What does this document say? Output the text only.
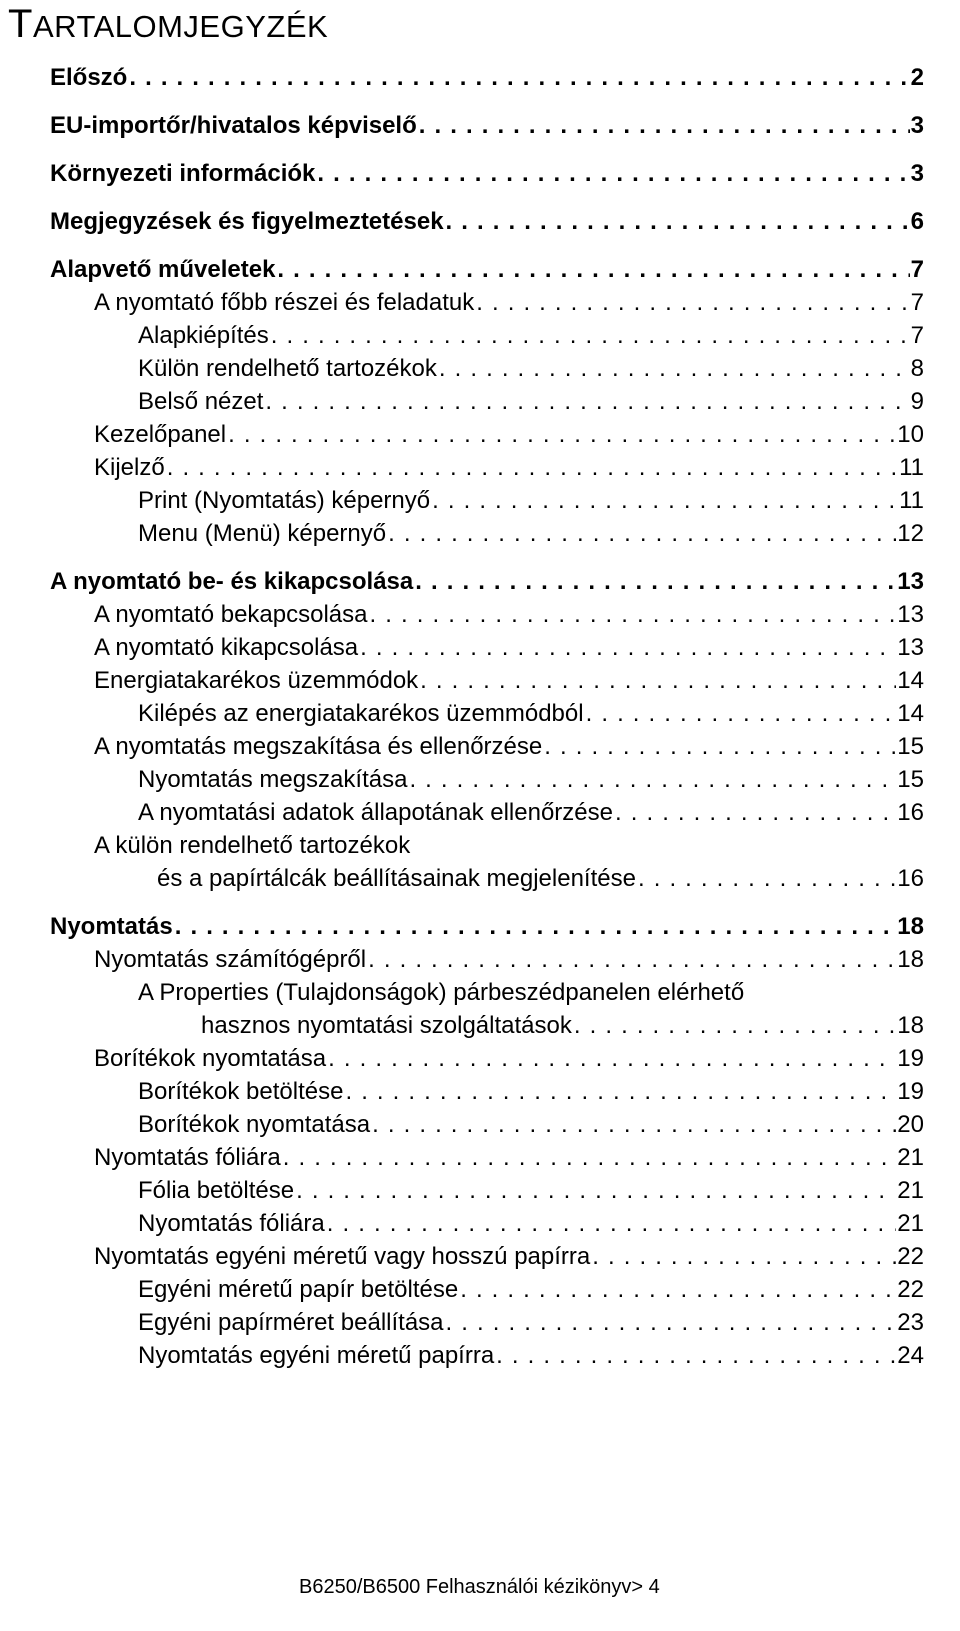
TARTALOMJEGYZÉK
Előszó . . .	2
EU-importőr/hivatalos képviselő . . .	3
Környezeti információk . . .	3
Megjegyzések és figyelmeztetések . . .	6
Alapvető műveletek . . .	7
A nyomtató főbb részei és feladatuk . . .	7
Alapkiépítés . . .	7
Külön rendelhető tartozékok . . .	8
Belső nézet . . .	9
Kezelőpanel . . .	10
Kijelző . . .	11
Print (Nyomtatás) képernyő . . .	11
Menu (Menü) képernyő . . .	12
A nyomtató be- és kikapcsolása . . .	13
A nyomtató bekapcsolása . . .	13
A nyomtató kikapcsolása . . .	13
Energiatakarékos üzemmódok . . .	14
Kilépés az energiatakarékos üzemmódból . . .	14
A nyomtatás megszakítása és ellenőrzése . . .	15
Nyomtatás megszakítása . . .	15
A nyomtatási adatok állapotának ellenőrzése . . .	16
A külön rendelhető tartozékok
és a papírtálcák beállításainak megjelenítése . . .	16
Nyomtatás . . .	18
Nyomtatás számítógépről . . .	18
A Properties (Tulajdonságok) párbeszédpanelen elérhető
hasznos nyomtatási szolgáltatások . . .	18
Borítékok nyomtatása . . .	19
Borítékok betöltése . . .	19
Borítékok nyomtatása . . .	20
Nyomtatás fóliára . . .	21
Fólia betöltése . . .	21
Nyomtatás fóliára . . .	21
Nyomtatás egyéni méretű vagy hosszú papírra . . .	22
Egyéni méretű papír betöltése . . .	22
Egyéni papírméret beállítása . . .	23
Nyomtatás egyéni méretű papírra . . .	24
B6250/B6500 Felhasználói kézikönyv> 4
